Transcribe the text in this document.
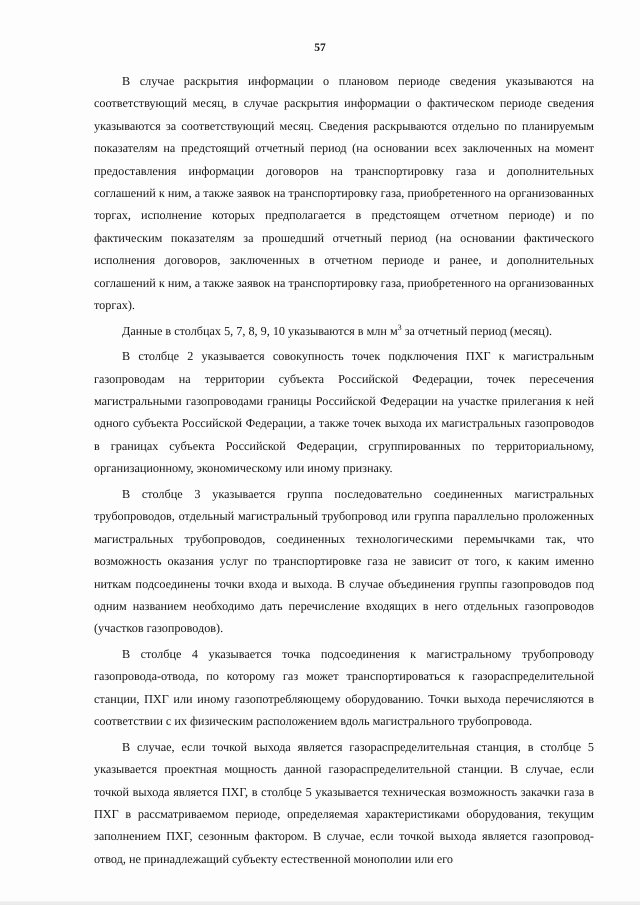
57

В случае раскрытия информации о плановом периоде сведения указываются на соответствующий месяц, в случае раскрытия информации о фактическом периоде сведения указываются за соответствующий месяц. Сведения раскрываются отдельно по планируемым показателям на предстоящий отчетный период (на основании всех заключенных на момент предоставления информации договоров на транспортировку газа и дополнительных соглашений к ним, а также заявок на транспортировку газа, приобретенного на организованных торгах, исполнение которых предполагается в предстоящем отчетном периоде) и по фактическим показателям за прошедший отчетный период (на основании фактического исполнения договоров, заключенных в отчетном периоде и ранее, и дополнительных соглашений к ним, а также заявок на транспортировку газа, приобретенного на организованных торгах).

Данные в столбцах 5, 7, 8, 9, 10 указываются в млн $м^3$ за отчетный период (месяц).

В столбце 2 указывается совокупность точек подключения ПХГ к магистральным газопроводам на территории субъекта Российской Федерации, точек пересечения магистральными газопроводами границы Российской Федерации на участке прилегания к ней одного субъекта Российской Федерации, а также точек выхода их магистральных газопроводов в границах субъекта Российской Федерации, сгруппированных по территориальному, организационному, экономическому или иному признаку.

В столбце 3 указывается группа последовательно соединенных магистральных трубопроводов, отдельный магистральный трубопровод или группа параллельно проложенных магистральных трубопроводов, соединенных технологическими перемычками так, что возможность оказания услуг по транспортировке газа не зависит от того, к каким именно ниткам подсоединены точки входа и выхода. В случае объединения группы газопроводов под одним названием необходимо дать перечисление входящих в него отдельных газопроводов (участков газопроводов).

В столбце 4 указывается точка подсоединения к магистральному трубопроводу газопровода-отвода, по которому газ может транспортироваться к газораспределительной станции, ПХГ или иному газопотребляющему оборудованию. Точки выхода перечисляются в соответствии с их физическим расположением вдоль магистрального трубопровода.

В случае, если точкой выхода является газораспределительная станция, в столбце 5 указывается проектная мощность данной газораспределительной станции. В случае, если точкой выхода является ПХГ, в столбце 5 указывается техническая возможность закачки газа в ПХГ в рассматриваемом периоде, определяемая характеристиками оборудования, текущим заполнением ПХГ, сезонным фактором. В случае, если точкой выхода является газопровод-отвод, не принадлежащий субъекту естественной монополии или его
